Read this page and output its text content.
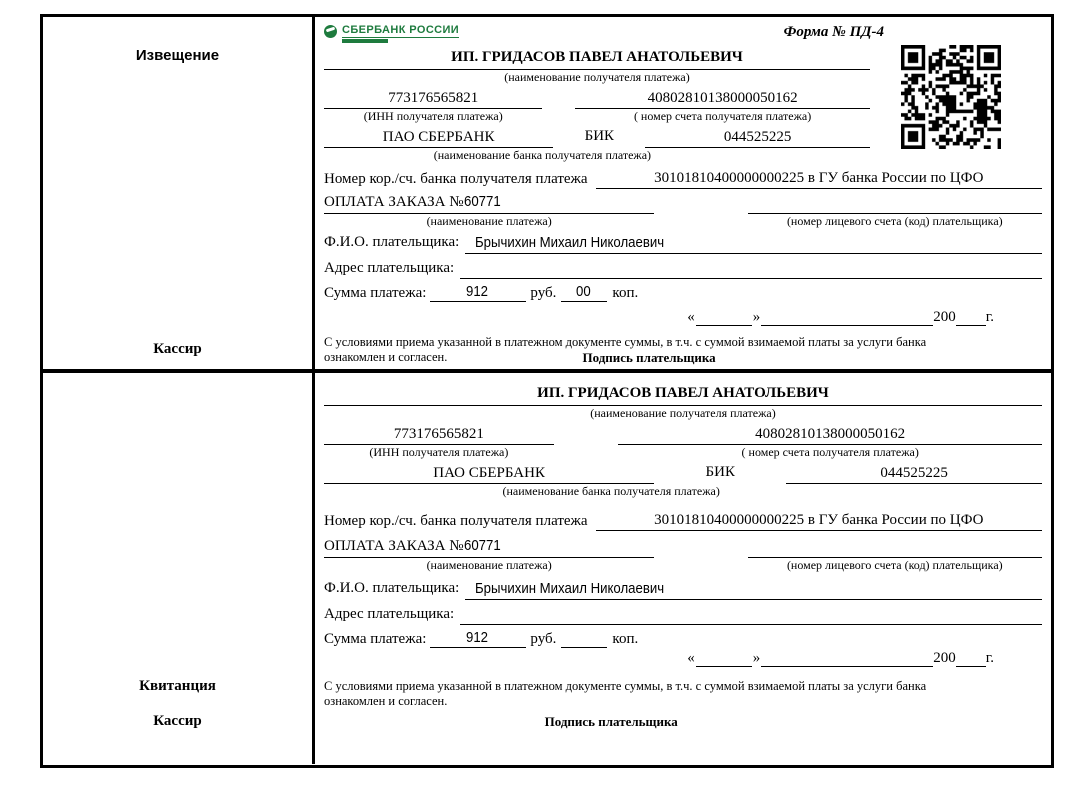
Извещение
Кассир
СБЕРБАНК РОССИИ	Форма № ПД-4
ИП. ГРИДАСОВ ПАВЕЛ АНАТОЛЬЕВИЧ
(наименование получателя платежа)
773176565821	40802810138000050162
(ИНН получателя платежа)	( номер счета получателя платежа)
ПАО СБЕРБАНК	БИК	044525225
(наименование банка получателя платежа)
Номер кор./сч. банка получателя платежа	30101810400000000225 в ГУ банка России по ЦФО
ОПЛАТА ЗАКАЗА №60771
(наименование платежа)	(номер лицевого счета (код) плательщика)
Ф.И.О. плательщика:	Брычихин Михаил Николаевич
Адрес плательщика:
Сумма платежа:	912	руб.	00	коп.
«	»	200 г.
С условиями приема указанной в платежном документе суммы, в т.ч. с суммой взимаемой платы за услуги банка
ознакомлен и согласен.	Подпись плательщика
Квитанция
Кассир
ИП. ГРИДАСОВ ПАВЕЛ АНАТОЛЬЕВИЧ
(наименование получателя платежа)
773176565821	40802810138000050162
(ИНН получателя платежа)	( номер счета получателя платежа)
ПАО СБЕРБАНК	БИК	044525225
(наименование банка получателя платежа)
Номер кор./сч. банка получателя платежа	30101810400000000225 в ГУ банка России по ЦФО
ОПЛАТА ЗАКАЗА №60771
(наименование платежа)	(номер лицевого счета (код) плательщика)
Ф.И.О. плательщика:	Брычихин Михаил Николаевич
Адрес плательщика:
Сумма платежа:	912	руб.	коп.
«	»	200 г.
С условиями приема указанной в платежном документе суммы, в т.ч. с суммой взимаемой платы за услуги банка
ознакомлен и согласен.
Подпись плательщика
